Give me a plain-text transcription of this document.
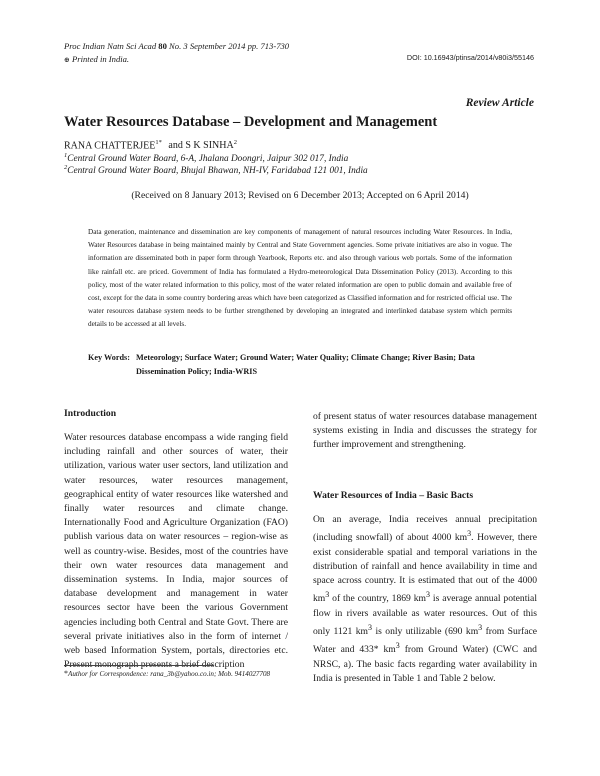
Proc Indian Natn Sci Acad 80 No. 3 September 2014 pp. 713-730
⊕ Printed in India.	DOI: 10.16943/ptinsa/2014/v80i3/55146
Review Article
Water Resources Database – Development and Management
RANA $CHATTERJEE^{1*}$ and S K SINHA$^2$
$^1$Central Ground Water Board, 6-A, Jhalana Doongri, Jaipur 302 017, India
$^2$Central Ground Water Board, Bhujal Bhawan, NH-IV, Faridabad 121 001, India
(Received on 8 January 2013; Revised on 6 December 2013; Accepted on 6 April 2014)

Data generation, maintenance and dissemination are key components of management of natural resources including Water Resources. In India, Water Resources database in being maintained mainly by Central and State Government agencies. Some private initiatives are also in vogue. The information are disseminated both in paper form through Yearbook, Reports etc. and also through various web portals. Some of the information like rainfall etc. are priced. Government of India has formulated a Hydro-meteorological Data Dissemination Policy (2013). According to this policy, most of the water related information to this policy, most of the water related information are open to public domain and available free of cost, except for the data in some country bordering areas which have been categorized as Classified information and for restricted official use. The water resources database system needs to be further strengthened by developing an integrated and interlinked database system which permits details to be accessed at all levels.

Key Words: Meteorology; Surface Water; Ground Water; Water Quality; Climate Change; River Basin; Data Dissemination Policy; India-WRIS
Introduction

Water resources database encompass a wide ranging field including rainfall and other sources of water, their utilization, various water user sectors, land utilization and water resources, water resources management, geographical entity of water resources like watershed and finally water resources and climate change. Internationally Food and Agriculture Organization (FAO) publish various data on water resources – region-wise as well as country-wise. Besides, most of the countries have their own water resources data management and dissemination systems. In India, major sources of database development and management in water resources sector have been the various Government agencies including both Central and State Govt. There are several private initiatives also in the form of internet / web based Information System, portals, directories etc. Present monograph presents a brief description

of present status of water resources database management systems existing in India and discusses the strategy for further improvement and strengthening.

Water Resources of India – Basic Bacts

On an average, India receives annual precipitation (including snowfall) of about 4000 $km^3$. However, there exist considerable spatial and temporal variations in the distribution of rainfall and hence availability in time and space across country. It is estimated that out of the 4000 $km^3$ of the country, 1869 $km^3$ is average annual potential flow in rivers available as water resources. Out of this only 1121 $km^3$ is only utilizable (690 $km^3$ from Surface Water and 433* $km^3$ from Ground Water) (CWC and NRSC, a). The basic facts regarding water availability in India is presented in Table 1 and Table 2 below.

*Author for Correspondence: rana_3b@yahoo.co.in; Mob. 9414027708
